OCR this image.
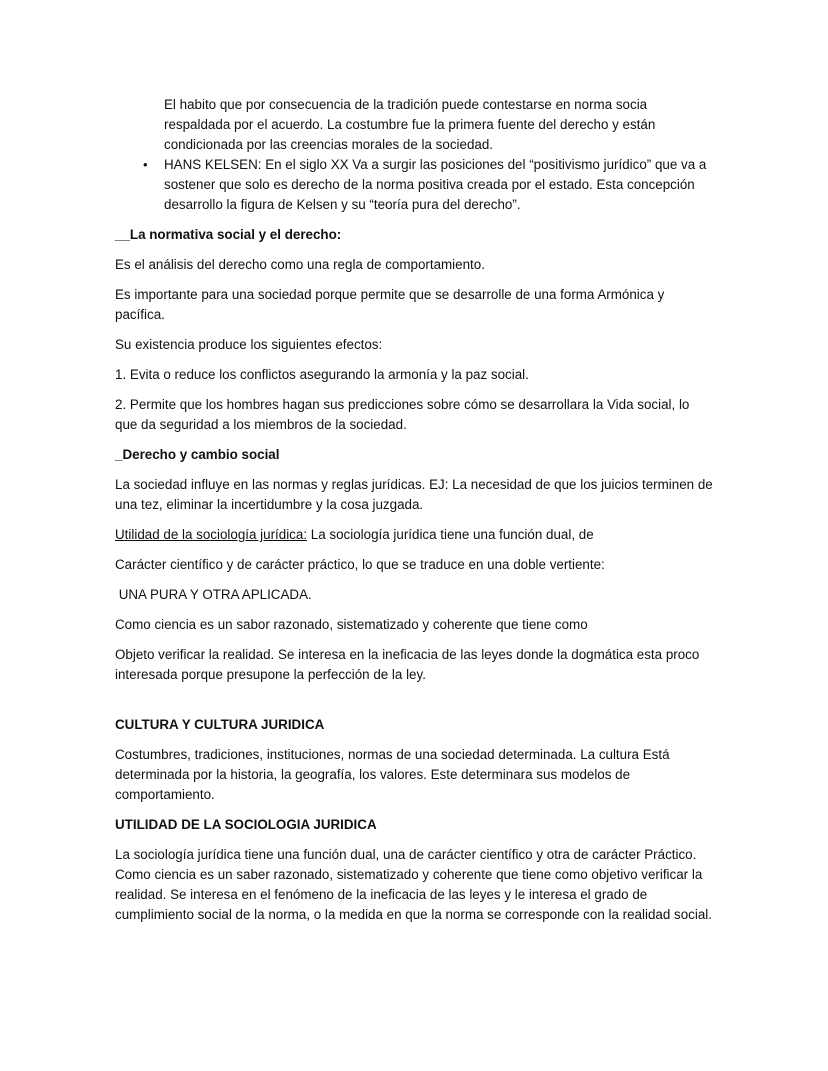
El habito que por consecuencia de la tradición puede contestarse en norma socia respaldada por el acuerdo. La costumbre fue la primera fuente del derecho y están condicionada por las creencias morales de la sociedad.

• HANS KELSEN: En el siglo XX Va a surgir las posiciones del “positivismo jurídico” que va a sostener que solo es derecho de la norma positiva creada por el estado. Esta concepción desarrollo la figura de Kelsen y su “teoría pura del derecho”.
__La normativa social y el derecho:

Es el análisis del derecho como una regla de comportamiento.

Es importante para una sociedad porque permite que se desarrolle de una forma Armónica y pacífica.

Su existencia produce los siguientes efectos:

1. Evita o reduce los conflictos asegurando la armonía y la paz social.

2. Permite que los hombres hagan sus predicciones sobre cómo se desarrollara la Vida social, lo que da seguridad a los miembros de la sociedad.

_Derecho y cambio social

La sociedad influye en las normas y reglas jurídicas. EJ: La necesidad de que los juicios terminen de una tez, eliminar la incertidumbre y la cosa juzgada.

Utilidad de la sociología jurídica: La sociología jurídica tiene una función dual, de

Carácter científico y de carácter práctico, lo que se traduce en una doble vertiente:

UNA PURA Y OTRA APLICADA.

Como ciencia es un sabor razonado, sistematizado y coherente que tiene como

Objeto verificar la realidad. Se interesa en la ineficacia de las leyes donde la dogmática esta proco interesada porque presupone la perfección de la ley.

CULTURA Y CULTURA JURIDICA

Costumbres, tradiciones, instituciones, normas de una sociedad determinada. La cultura Está determinada por la historia, la geografía, los valores. Este determinara sus modelos de comportamiento.

UTILIDAD DE LA SOCIOLOGIA JURIDICA

La sociología jurídica tiene una función dual, una de carácter científico y otra de carácter Práctico. Como ciencia es un saber razonado, sistematizado y coherente que tiene como objetivo verificar la realidad. Se interesa en el fenómeno de la ineficacia de las leyes y le interesa el grado de cumplimiento social de la norma, o la medida en que la norma se corresponde con la realidad social.
